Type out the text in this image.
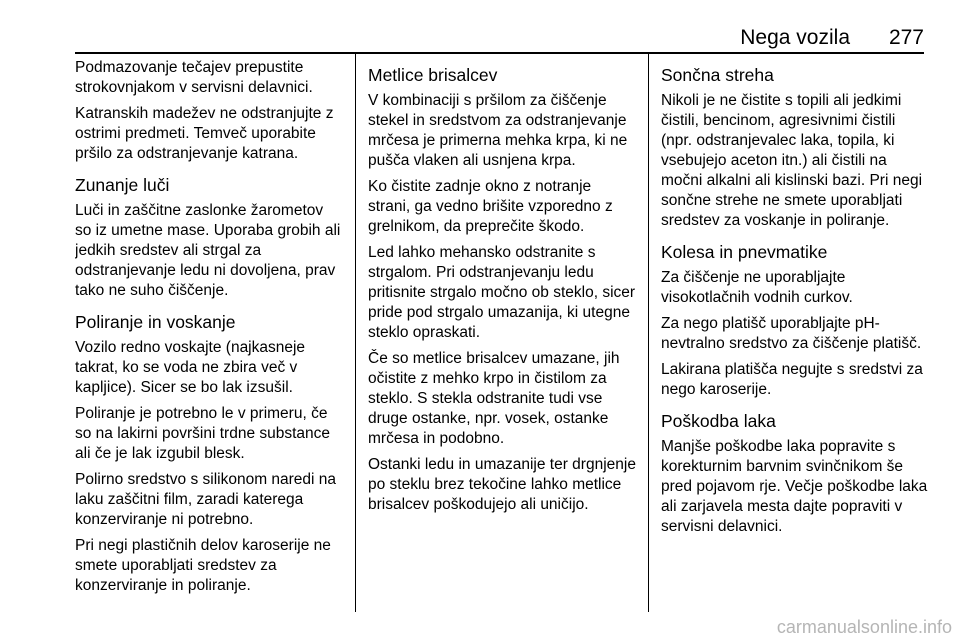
Nega vozila	277

Podmazovanje tečajev prepustite strokovnjakom v servisni delavnici.

Katranskih madežev ne odstranjujte z ostrimi predmeti. Temveč uporabite pršilo za odstranjevanje katrana.

Zunanje luči

Luči in zaščitne zaslonke žarometov so iz umetne mase. Uporaba grobih ali jedkih sredstev ali strgal za odstranjevanje ledu ni dovoljena, prav tako ne suho čiščenje.

Poliranje in voskanje

Vozilo redno voskajte (najkasneje takrat, ko se voda ne zbira več v kapljice). Sicer se bo lak izsušil.

Poliranje je potrebno le v primeru, če so na lakirni površini trdne substance ali če je lak izgubil blesk.

Polirno sredstvo s silikonom naredi na laku zaščitni film, zaradi katerega konzerviranje ni potrebno.

Pri negi plastičnih delov karoserije ne smete uporabljati sredstev za konzerviranje in poliranje.

Metlice brisalcev

V kombinaciji s pršilom za čiščenje stekel in sredstvom za odstranjevanje mrčesa je primerna mehka krpa, ki ne pušča vlaken ali usnjena krpa.

Ko čistite zadnje okno z notranje strani, ga vedno brišite vzporedno z grelnikom, da preprečite škodo.

Led lahko mehansko odstranite s strgalom. Pri odstranjevanju ledu pritisnite strgalo močno ob steklo, sicer pride pod strgalo umazanija, ki utegne steklo opraskati.

Če so metlice brisalcev umazane, jih očistite z mehko krpo in čistilom za steklo. S stekla odstranite tudi vse druge ostanke, npr. vosek, ostanke mrčesa in podobno.

Ostanki ledu in umazanije ter drgnjenje po steklu brez tekočine lahko metlice brisalcev poškodujejo ali uničijo.

Sončna streha

Nikoli je ne čistite s topili ali jedkimi čistili, bencinom, agresivnimi čistili (npr. odstranjevalec laka, topila, ki vsebujejo aceton itn.) ali čistili na močni alkalni ali kislinski bazi. Pri negi sončne strehe ne smete uporabljati sredstev za voskanje in poliranje.

Kolesa in pnevmatike

Za čiščenje ne uporabljajte visokotlačnih vodnih curkov.

Za nego platišč uporabljajte pH-nevtralno sredstvo za čiščenje platišč.

Lakirana platišča negujte s sredstvi za nego karoserije.

Poškodba laka

Manjše poškodbe laka popravite s korekturnim barvnim svinčnikom še pred pojavom rje. Večje poškodbe laka ali zarjavela mesta dajte popraviti v servisni delavnici.

carmanualsonline.info
